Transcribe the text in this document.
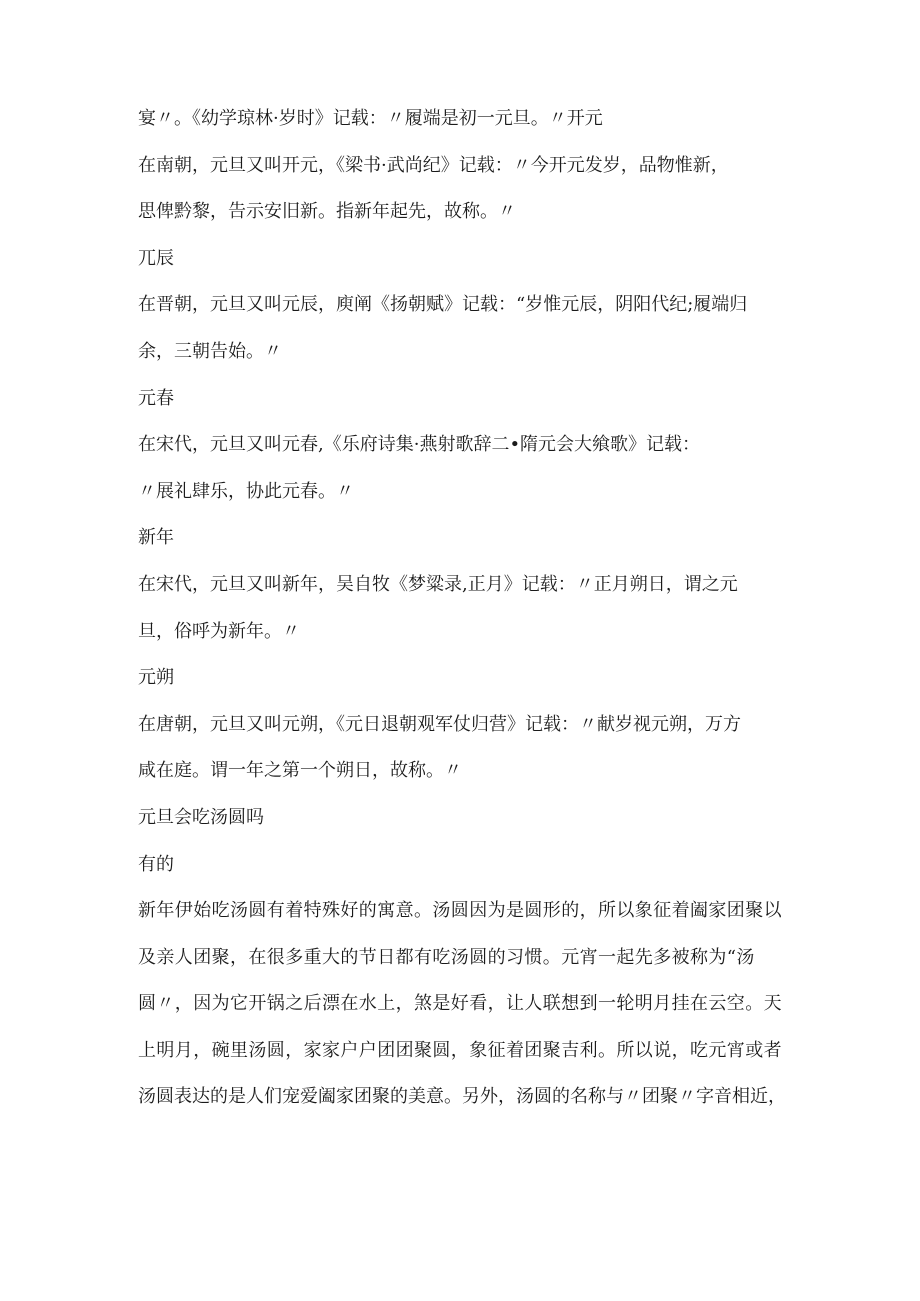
宴〃。《幼学琼林·岁时》记载：〃履端是初一元旦。〃开元
在南朝，元旦又叫开元，《梁书·武尚纪》记载：〃今开元发岁，品物惟新，
思俾黔黎，告示安旧新。指新年起先，故称。〃
兀辰
在晋朝，元旦又叫元辰，庾阐《扬朝赋》记载：“岁惟元辰，阴阳代纪;履端归
余，三朝告始。〃
元春
在宋代，元旦又叫元春,《乐府诗集·燕射歌辞二•隋元会大飨歌》记载：
〃展礼肆乐，协此元春。〃
新年
在宋代，元旦又叫新年，吴自牧《梦粱录,正月》记载：〃正月朔日，谓之元
旦，俗呼为新年。〃
元朔
在唐朝，元旦又叫元朔，《元日退朝观军仗归营》记载：〃献岁视元朔，万方
咸在庭。谓一年之第一个朔日，故称。〃
元旦会吃汤圆吗
有的
新年伊始吃汤圆有着特殊好的寓意。汤圆因为是圆形的，所以象征着阖家团聚以
及亲人团聚，在很多重大的节日都有吃汤圆的习惯。元宵一起先多被称为“汤
圆〃，因为它开锅之后漂在水上，煞是好看，让人联想到一轮明月挂在云空。天
上明月，碗里汤圆，家家户户团团聚圆，象征着团聚吉利。所以说，吃元宵或者
汤圆表达的是人们宠爱阖家团聚的美意。另外，汤圆的名称与〃团聚〃字音相近，
